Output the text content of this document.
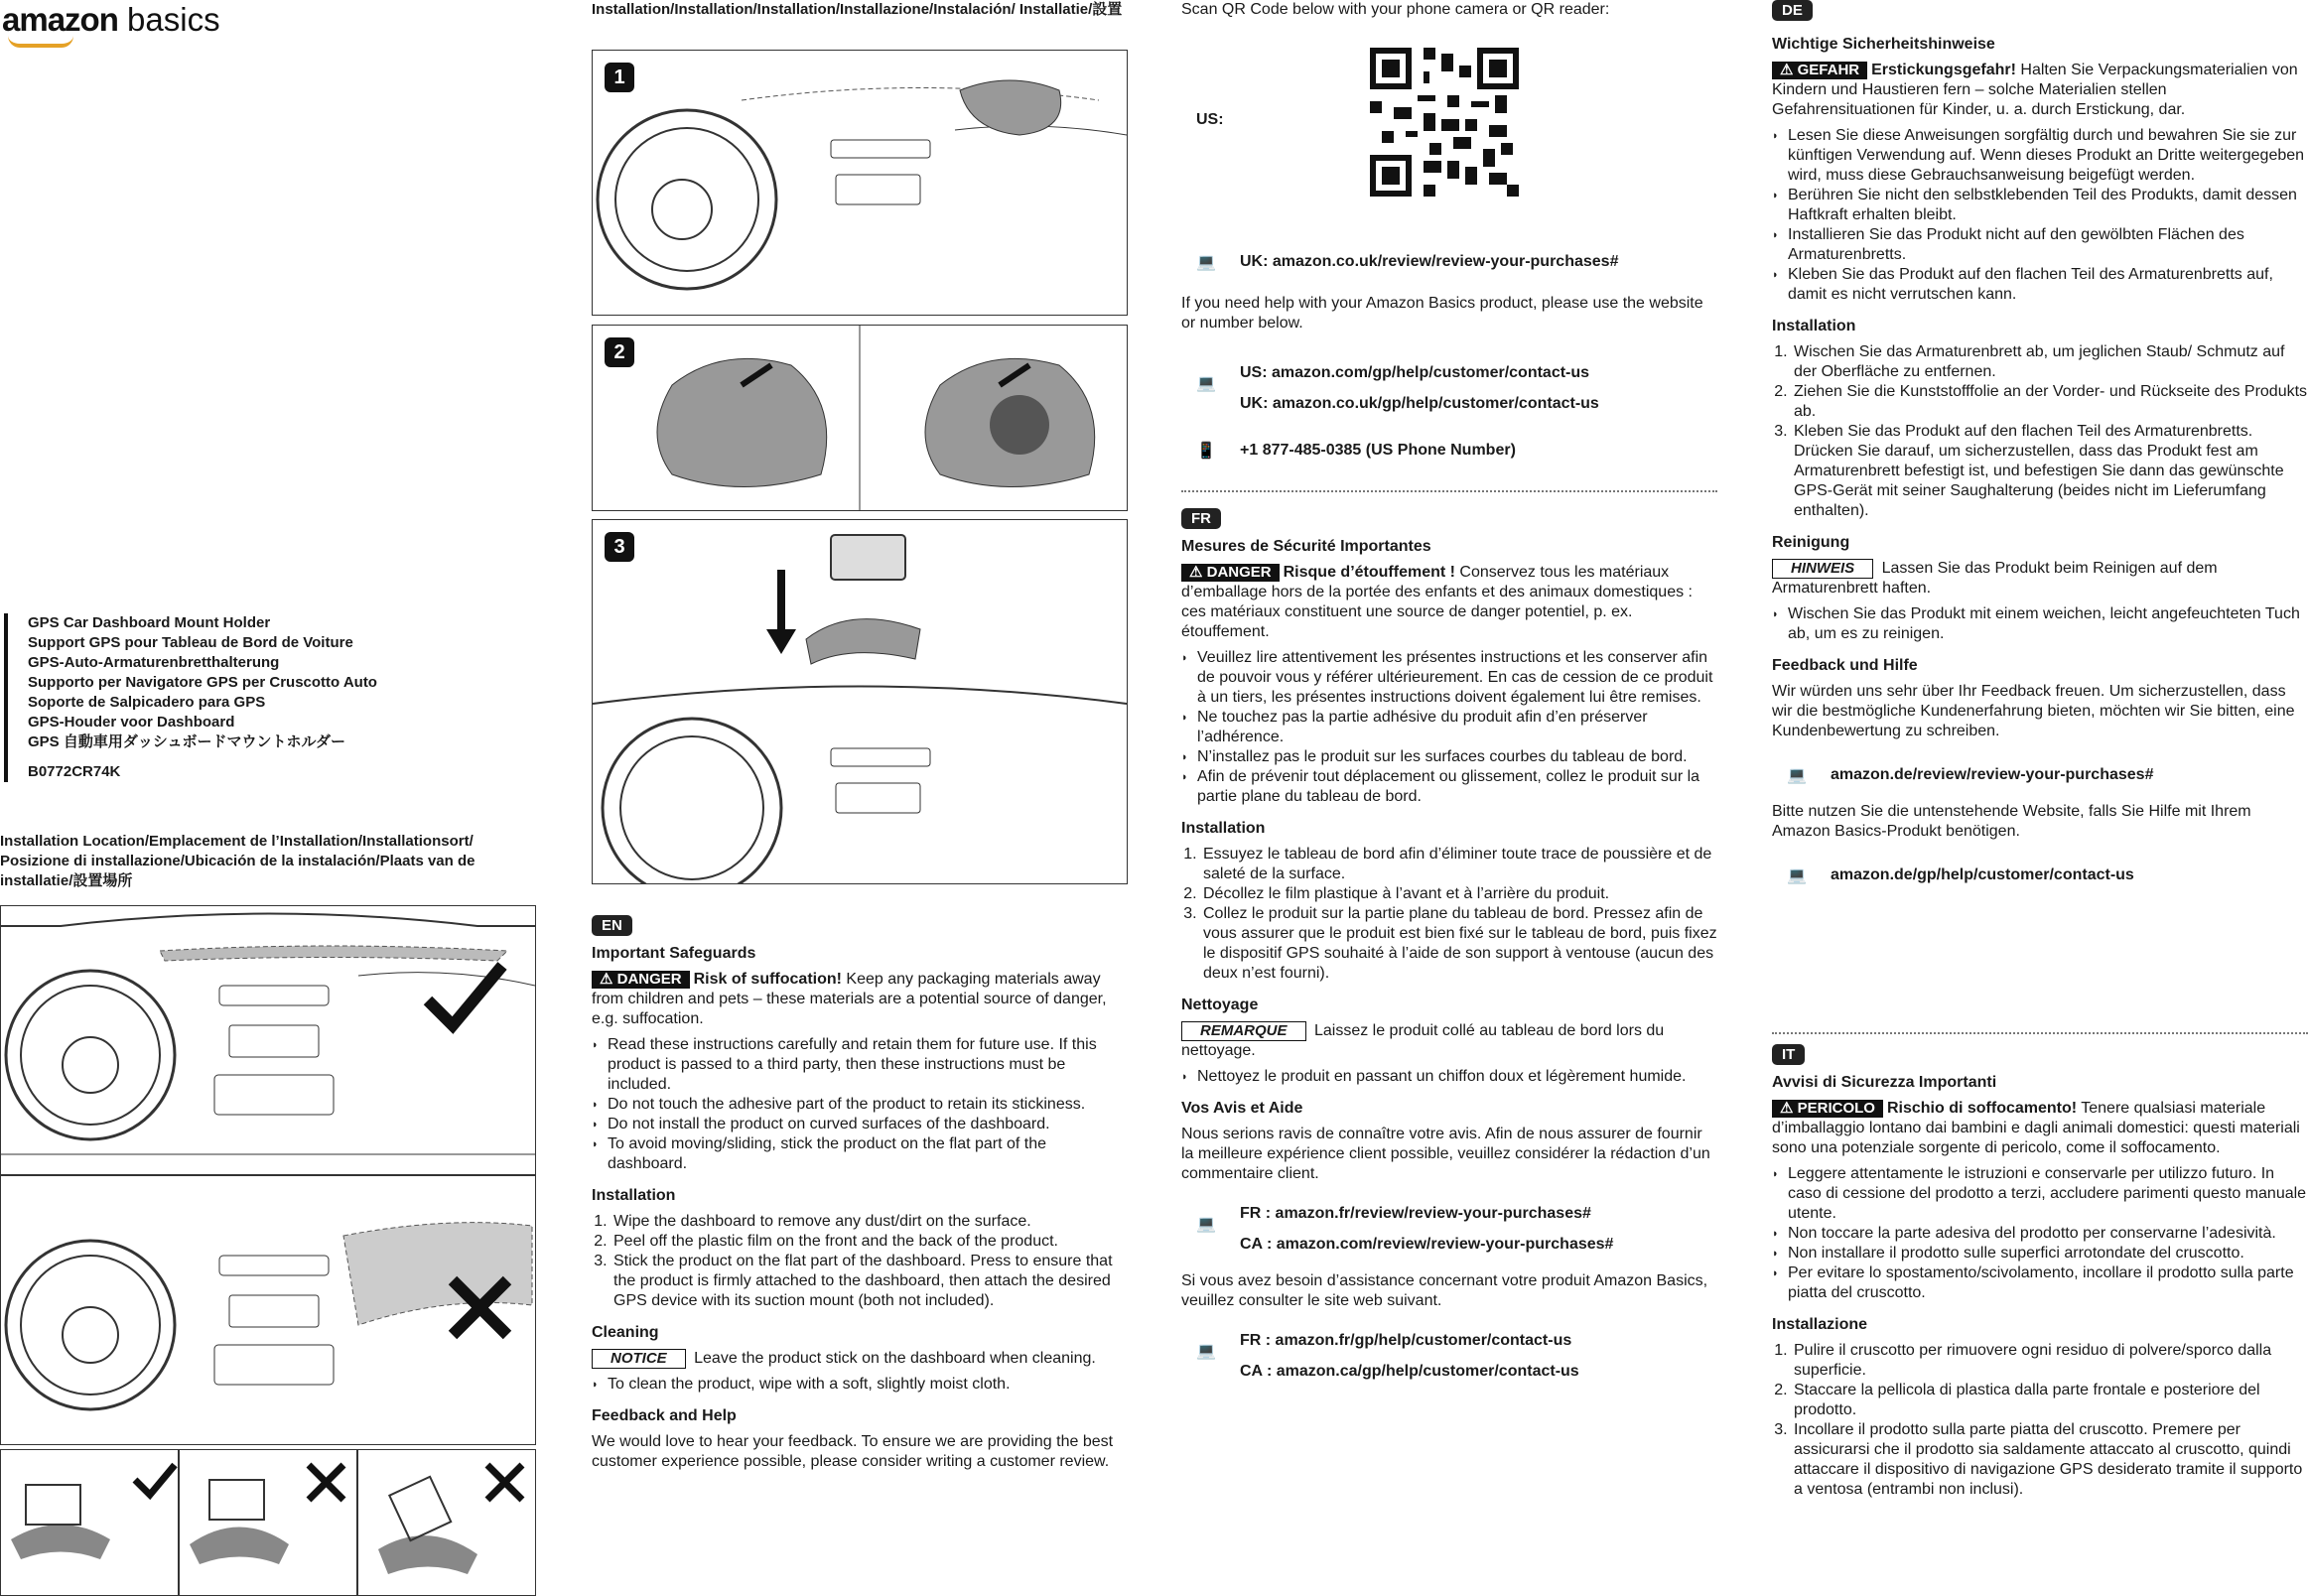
amazon basics
GPS Car Dashboard Mount Holder
Support GPS pour Tableau de Bord de Voiture
GPS-Auto-Armaturenbretthalterung
Supporto per Navigatore GPS per Cruscotto Auto
Soporte de Salpicadero para GPS
GPS-Houder voor Dashboard
GPS 自動車用ダッシュボードマウントホルダー
B0772CR74K
Installation Location/Emplacement de l’Installation/Installationsort/ Posizione di installazione/Ubicación de la instalación/Plaats van de installatie/設置場所
Installation/Installation/Installation/Installazione/Instalación/ Installatie/設置
1
2
3
EN
Important Safeguards

⚠ DANGER Risk of suffocation! Keep any packaging materials away from children and pets – these materials are a potential source of danger, e.g. suffocation.

◗ Read these instructions carefully and retain them for future use. If this product is passed to a third party, then these instructions must be included.
◗ Do not touch the adhesive part of the product to retain its stickiness.
◗ Do not install the product on curved surfaces of the dashboard.
◗ To avoid moving/sliding, stick the product on the flat part of the dashboard.
Installation
1. Wipe the dashboard to remove any dust/dirt on the surface.
2. Peel off the plastic film on the front and the back of the product.
3. Stick the product on the flat part of the dashboard. Press to ensure that the product is firmly attached to the dashboard, then attach the desired GPS device with its suction mount (both not included).
Cleaning

NOTICE Leave the product stick on the dashboard when cleaning.

◗ To clean the product, wipe with a soft, slightly moist cloth.
Feedback and Help

We would love to hear your feedback. To ensure we are providing the best customer experience possible, please consider writing a customer review.

Scan QR Code below with your phone camera or QR reader:

US:
💻	UK: amazon.co.uk/review/review-your-purchases#

If you need help with your Amazon Basics product, please use the website or number below.

💻
US: amazon.com/gp/help/customer/contact-us
UK: amazon.co.uk/gp/help/customer/contact-us
📱	+1 877-485-0385 (US Phone Number)
FR
Mesures de Sécurité Importantes

⚠ DANGER Risque d’étouffement ! Conservez tous les matériaux d’emballage hors de la portée des enfants et des animaux domestiques : ces matériaux constituent une source de danger potentiel, p. ex. étouffement.

◗ Veuillez lire attentivement les présentes instructions et les conserver afin de pouvoir vous y référer ultérieurement. En cas de cession de ce produit à un tiers, les présentes instructions doivent également lui être remises.
◗ Ne touchez pas la partie adhésive du produit afin d’en préserver l’adhérence.
◗ N’installez pas le produit sur les surfaces courbes du tableau de bord.
◗ Afin de prévenir tout déplacement ou glissement, collez le produit sur la partie plane du tableau de bord.
Installation
1. Essuyez le tableau de bord afin d’éliminer toute trace de poussière et de saleté de la surface.
2. Décollez le film plastique à l’avant et à l’arrière du produit.
3. Collez le produit sur la partie plane du tableau de bord. Pressez afin de vous assurer que le produit est bien fixé sur le tableau de bord, puis fixez le dispositif GPS souhaité à l’aide de son support à ventouse (aucun des deux n’est fourni).
Nettoyage

REMARQUE Laissez le produit collé au tableau de bord lors du nettoyage.

◗ Nettoyez le produit en passant un chiffon doux et légèrement humide.
Vos Avis et Aide

Nous serions ravis de connaître votre avis. Afin de nous assurer de fournir la meilleure expérience client possible, veuillez considérer la rédaction d’un commentaire client.

💻
FR : amazon.fr/review/review-your-purchases#
CA : amazon.com/review/review-your-purchases#

Si vous avez besoin d’assistance concernant votre produit Amazon Basics, veuillez consulter le site web suivant.

💻
FR : amazon.fr/gp/help/customer/contact-us
CA : amazon.ca/gp/help/customer/contact-us
DE
Wichtige Sicherheitshinweise

⚠ GEFAHR Erstickungsgefahr! Halten Sie Verpackungsmaterialien von Kindern und Haustieren fern – solche Materialien stellen Gefahrensituationen für Kinder, u. a. durch Erstickung, dar.

◗ Lesen Sie diese Anweisungen sorgfältig durch und bewahren Sie sie zur künftigen Verwendung auf. Wenn dieses Produkt an Dritte weitergegeben wird, muss diese Gebrauchsanweisung beigefügt werden.
◗ Berühren Sie nicht den selbstklebenden Teil des Produkts, damit dessen Haftkraft erhalten bleibt.
◗ Installieren Sie das Produkt nicht auf den gewölbten Flächen des Armaturenbretts.
◗ Kleben Sie das Produkt auf den flachen Teil des Armaturenbretts auf, damit es nicht verrutschen kann.
Installation
1. Wischen Sie das Armaturenbrett ab, um jeglichen Staub/ Schmutz auf der Oberfläche zu entfernen.
2. Ziehen Sie die Kunststofffolie an der Vorder- und Rückseite des Produkts ab.
3. Kleben Sie das Produkt auf den flachen Teil des Armaturenbretts. Drücken Sie darauf, um sicherzustellen, dass das Produkt fest am Armaturenbrett befestigt ist, und befestigen Sie dann das gewünschte GPS-Gerät mit seiner Saughalterung (beides nicht im Lieferumfang enthalten).
Reinigung

HINWEIS Lassen Sie das Produkt beim Reinigen auf dem Armaturenbrett haften.

◗ Wischen Sie das Produkt mit einem weichen, leicht angefeuchteten Tuch ab, um es zu reinigen.
Feedback und Hilfe

Wir würden uns sehr über Ihr Feedback freuen. Um sicherzustellen, dass wir die bestmögliche Kundenerfahrung bieten, möchten wir Sie bitten, eine Kundenbewertung zu schreiben.

💻	amazon.de/review/review-your-purchases#

Bitte nutzen Sie die untenstehende Website, falls Sie Hilfe mit Ihrem Amazon Basics-Produkt benötigen.

💻	amazon.de/gp/help/customer/contact-us
IT
Avvisi di Sicurezza Importanti

⚠ PERICOLO Rischio di soffocamento! Tenere qualsiasi materiale d’imballaggio lontano dai bambini e dagli animali domestici: questi materiali sono una potenziale sorgente di pericolo, come il soffocamento.

◗ Leggere attentamente le istruzioni e conservarle per utilizzo futuro. In caso di cessione del prodotto a terzi, accludere parimenti questo manuale utente.
◗ Non toccare la parte adesiva del prodotto per conservarne l’adesività.
◗ Non installare il prodotto sulle superfici arrotondate del cruscotto.
◗ Per evitare lo spostamento/scivolamento, incollare il prodotto sulla parte piatta del cruscotto.
Installazione
1. Pulire il cruscotto per rimuovere ogni residuo di polvere/sporco dalla superficie.
2. Staccare la pellicola di plastica dalla parte frontale e posteriore del prodotto.
3. Incollare il prodotto sulla parte piatta del cruscotto. Premere per assicurarsi che il prodotto sia saldamente attaccato al cruscotto, quindi attaccare il dispositivo di navigazione GPS desiderato tramite il supporto a ventosa (entrambi non inclusi).
